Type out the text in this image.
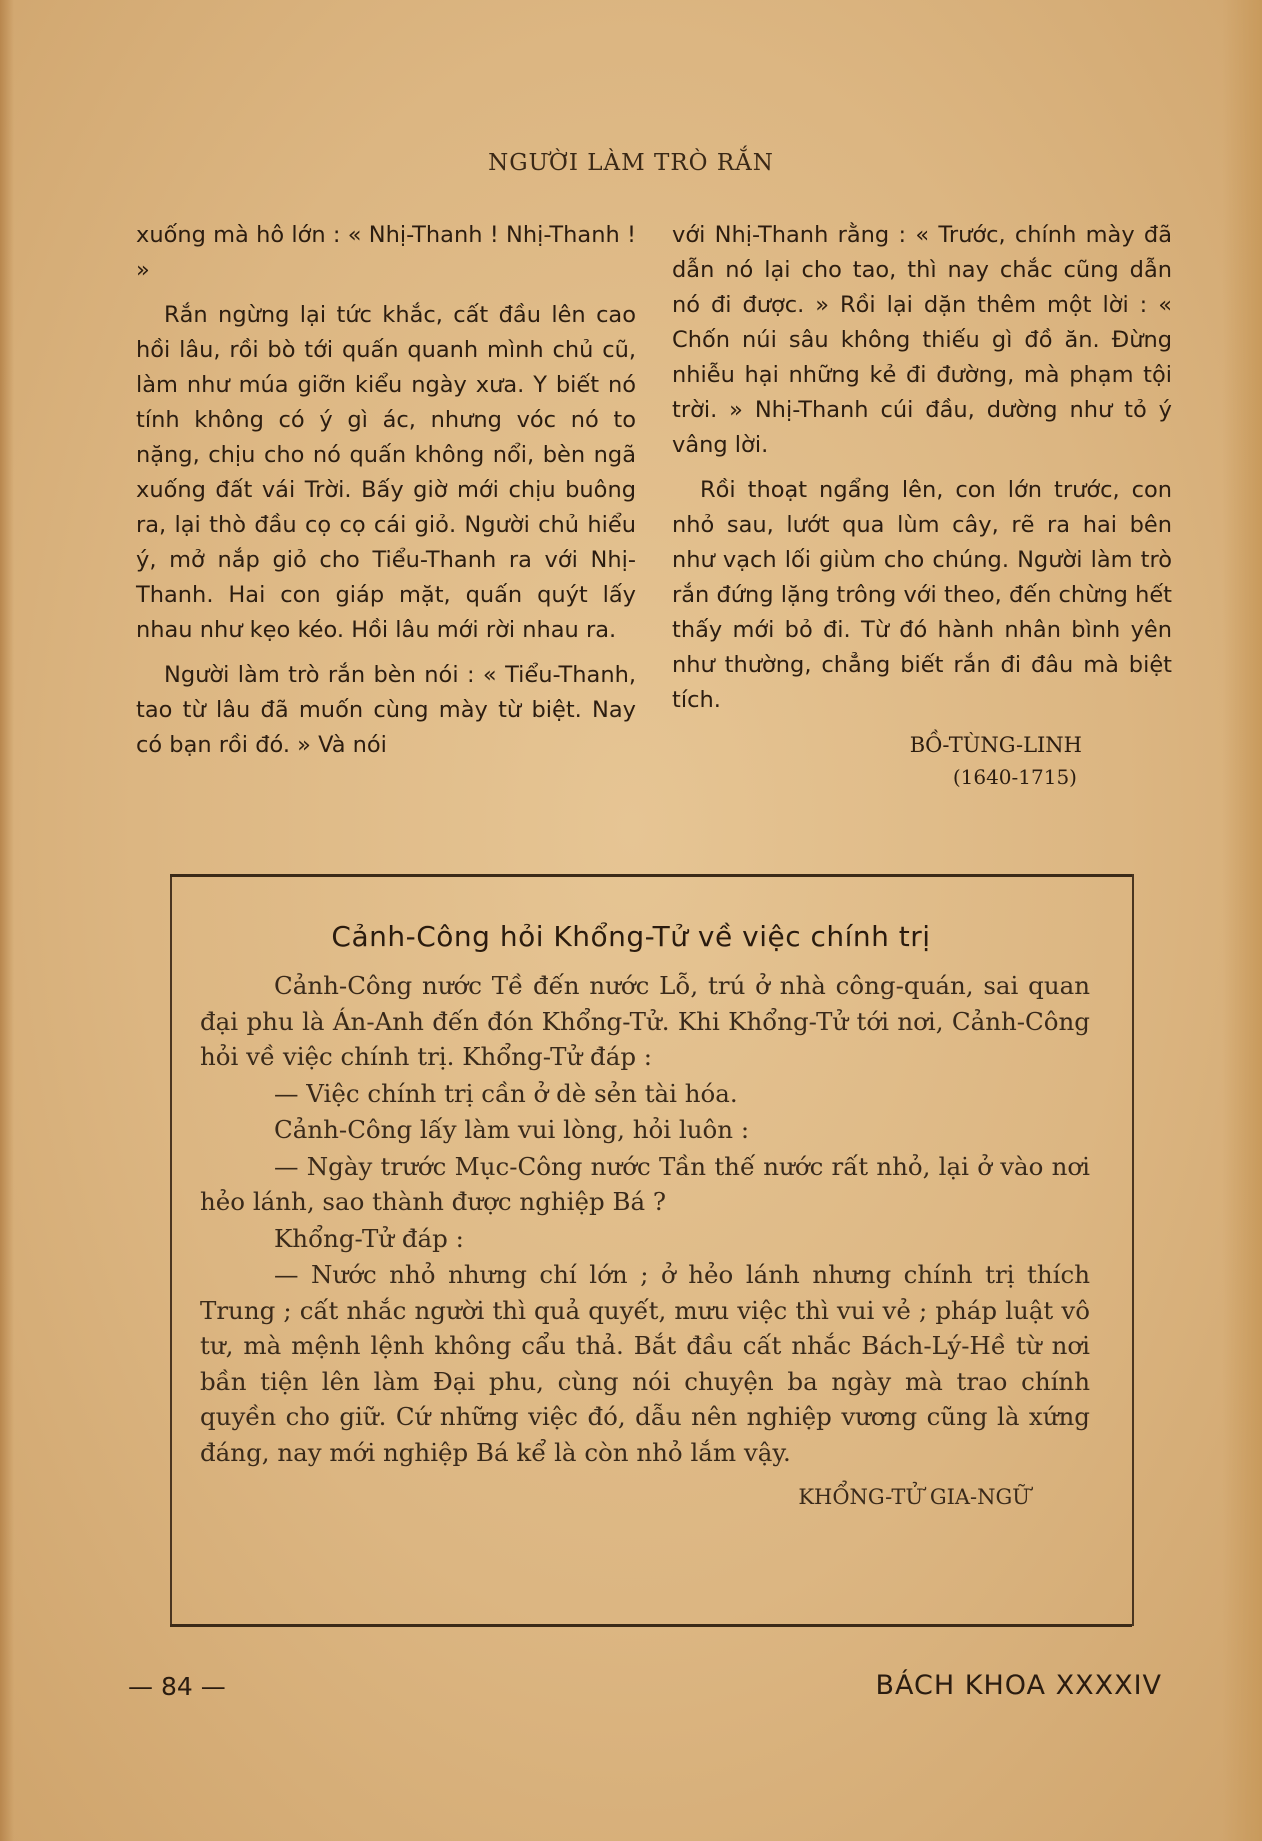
NGƯỜI LÀM TRÒ RẮN

xuống mà hô lớn : « Nhị-Thanh ! Nhị-Thanh ! »

Rắn ngừng lại tức khắc, cất đầu lên cao hồi lâu, rồi bò tới quấn quanh mình chủ cũ, làm như múa giỡn kiểu ngày xưa. Y biết nó tính không có ý gì ác, nhưng vóc nó to nặng, chịu cho nó quấn không nổi, bèn ngã xuống đất vái Trời. Bấy giờ mới chịu buông ra, lại thò đầu cọ cọ cái giỏ. Người chủ hiểu ý, mở nắp giỏ cho Tiểu-Thanh ra với Nhị-Thanh. Hai con giáp mặt, quấn quýt lấy nhau như kẹo kéo. Hồi lâu mới rời nhau ra.

Người làm trò rắn bèn nói : « Tiểu-Thanh, tao từ lâu đã muốn cùng mày từ biệt. Nay có bạn rồi đó. » Và nói

với Nhị-Thanh rằng : « Trước, chính mày đã dẫn nó lại cho tao, thì nay chắc cũng dẫn nó đi được. » Rồi lại dặn thêm một lời : « Chốn núi sâu không thiếu gì đồ ăn. Đừng nhiễu hại những kẻ đi đường, mà phạm tội trời. » Nhị-Thanh cúi đầu, dường như tỏ ý vâng lời.

Rồi thoạt ngẩng lên, con lớn trước, con nhỏ sau, lướt qua lùm cây, rẽ ra hai bên như vạch lối giùm cho chúng. Người làm trò rắn đứng lặng trông với theo, đến chừng hết thấy mới bỏ đi. Từ đó hành nhân bình yên như thường, chẳng biết rắn đi đâu mà biệt tích.

BỒ-TÙNG-LINH
(1640-1715)
Cảnh-Công hỏi Khổng-Tử về việc chính trị

Cảnh-Công nước Tề đến nước Lỗ, trú ở nhà công-quán, sai quan đại phu là Án-Anh đến đón Khổng-Tử. Khi Khổng-Tử tới nơi, Cảnh-Công hỏi về việc chính trị. Khổng-Tử đáp :

— Việc chính trị cần ở dè sẻn tài hóa.

Cảnh-Công lấy làm vui lòng, hỏi luôn :

— Ngày trước Mục-Công nước Tần thế nước rất nhỏ, lại ở vào nơi hẻo lánh, sao thành được nghiệp Bá ?

Khổng-Tử đáp :

— Nước nhỏ nhưng chí lớn ; ở hẻo lánh nhưng chính trị thích Trung ; cất nhắc người thì quả quyết, mưu việc thì vui vẻ ; pháp luật vô tư, mà mệnh lệnh không cẩu thả. Bắt đầu cất nhắc Bách-Lý-Hề từ nơi bần tiện lên làm Đại phu, cùng nói chuyện ba ngày mà trao chính quyền cho giữ. Cứ những việc đó, dẫu nên nghiệp vương cũng là xứng đáng, nay mới nghiệp Bá kể là còn nhỏ lắm vậy.

KHỔNG-TỬ GIA-NGỮ

— 84 —	BÁCH KHOA XXXXIV
